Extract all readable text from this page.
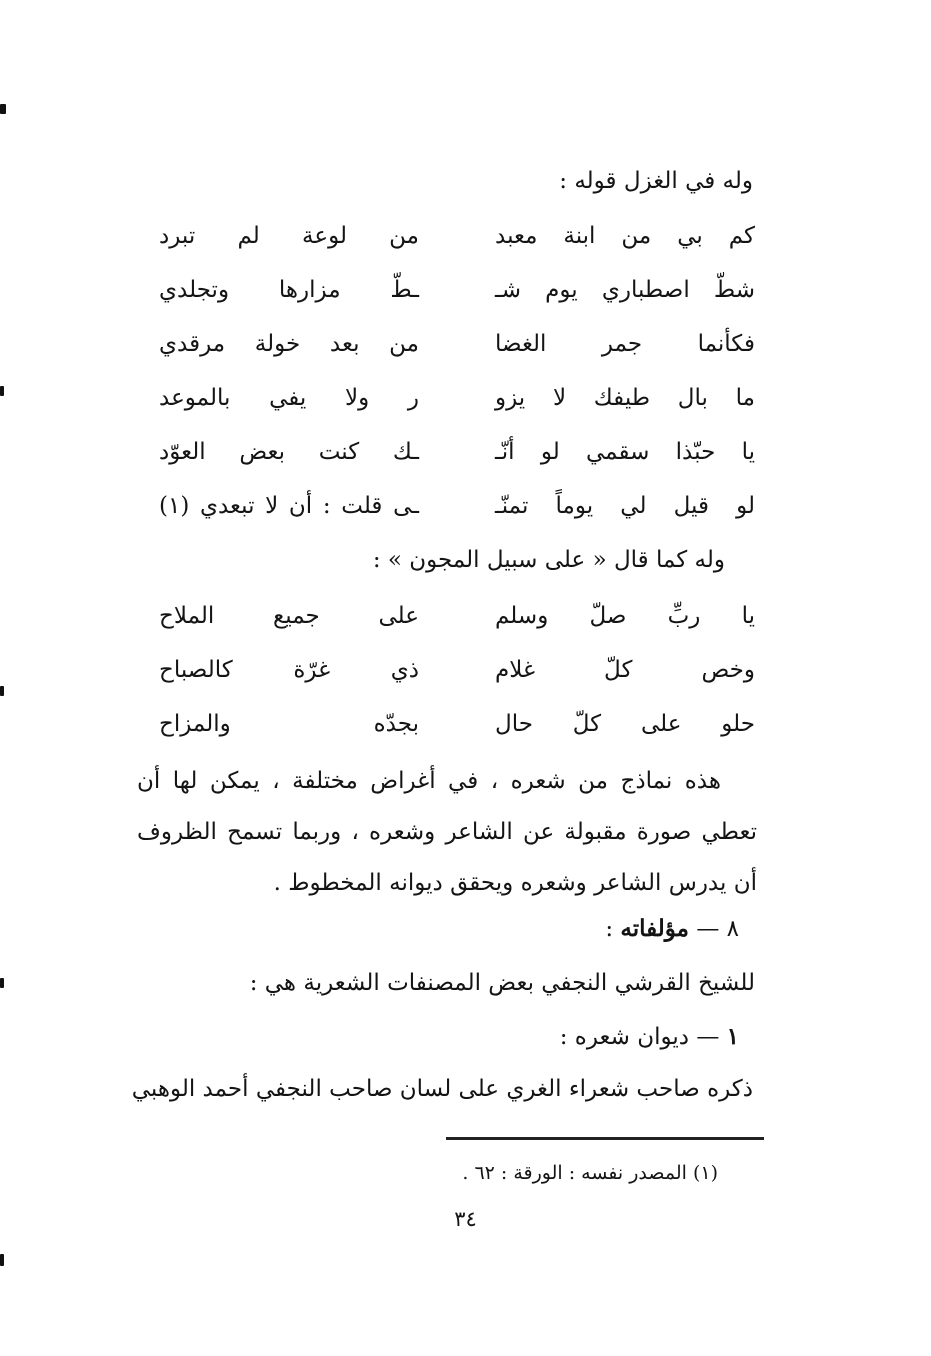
وله في الغزل قوله :
كم بي من ابنة معبد
من لوعة لم تبرد
شطّ اصطباري يوم شـ
ـطّ مزارها وتجلدي
فكأنما جمر الغضا
من بعد خولة مرقدي
ما بال طيفك لا يزو
ر ولا يفي بالموعد
يا حبّذا سقمي لو أنّـ
ـك كنت بعض العوّد
لو قيل لي يوماً تمنّـ
ـى قلت : أن لا تبعدي (١)
وله كما قال « على سبيل المجون » :
يا ربِّ صلّ وسلم
على جميع الملاح
وخص كلّ غلام
ذي غرّة كالصباح
حلو على كلّ حال
بجدّه والمزاح
هذه نماذج من شعره ، في أغراض مختلفة ، يمكن لها أن تعطي صورة مقبولة عن الشاعر وشعره ، وربما تسمح الظروف أن يدرس الشاعر وشعره ويحقق ديوانه المخطوط .
٨ — مؤلفاته :
للشيخ القرشي النجفي بعض المصنفات الشعرية هي :
١ — ديوان شعره :
ذكره صاحب شعراء الغري على لسان صاحب النجفي أحمد الوهبي
(١) المصدر نفسه : الورقة : ٦٢ .
٣٤
